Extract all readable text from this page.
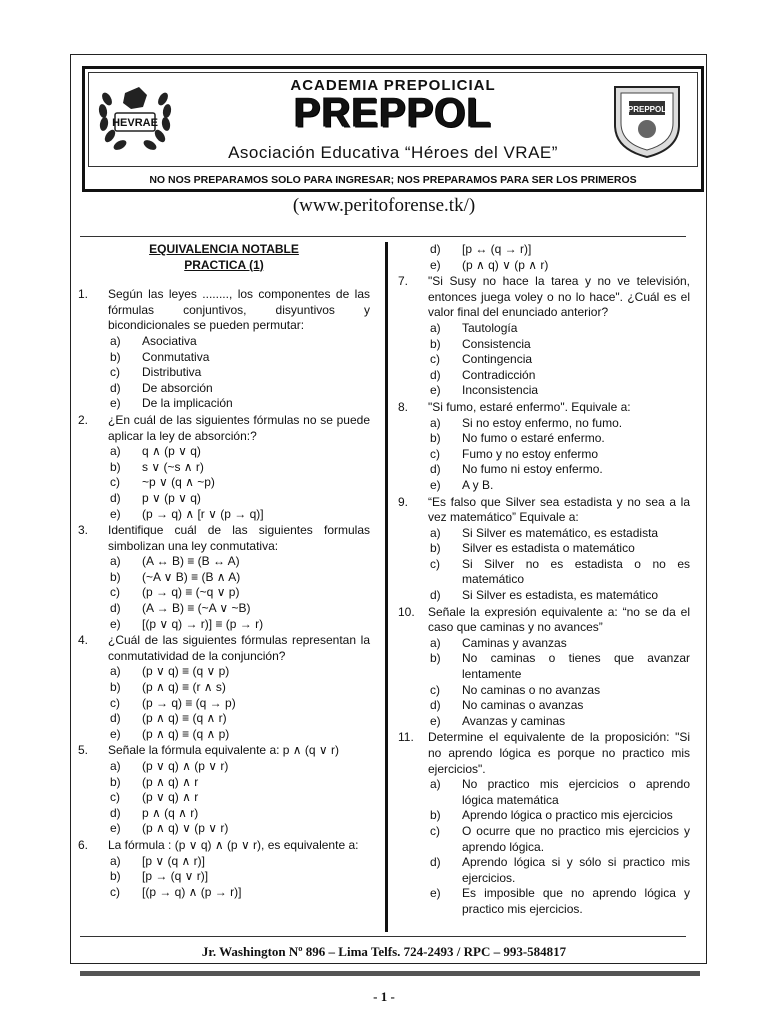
HEVRAE
ACADEMIA PREPOLICIAL
PREPPOL
Asociación Educativa “Héroes del VRAE”
PREPPOL
NO NOS PREPARAMOS SOLO PARA INGRESAR; NOS PREPARAMOS PARA SER LOS PRIMEROS
(www.peritoforense.tk/)
EQUIVALENCIA NOTABLE
PRACTICA (1)
1.	Según las leyes ........, los componentes de las fórmulas conjuntivos, disyuntivos y bicondicionales se pueden permutar:
a)	Asociativa
b)	Conmutativa
c)	Distributiva
d)	De absorción
e)	De la implicación
2.	¿En cuál de las siguientes fórmulas no se puede aplicar la ley de absorción:?
a)	q ∧ (p ∨ q)
b)	s ∨ (~s ∧ r)
c)	~p ∨ (q ∧ ~p)
d)	p ∨ (p ∨ q)
e)	(p → q) ∧ [r ∨ (p → q)]
3.	Identifique cuál de las siguientes formulas simbolizan una ley conmutativa:
a)	(A ↔ B) ≡ (B ↔ A)
b)	(~A ∨ B) ≡ (B ∧ A)
c)	(p → q) ≡ (~q ∨ p)
d)	(A → B) ≡ (~A ∨ ~B)
e)	[(p ∨ q) → r)] ≡ (p → r)
4.	¿Cuál de las siguientes fórmulas representan la conmutatividad de la conjunción?
a)	(p ∨ q) ≡ (q ∨ p)
b)	(p ∧ q) ≡ (r ∧ s)
c)	(p → q) ≡ (q → p)
d)	(p ∧ q) ≡ (q ∧ r)
e)	(p ∧ q) ≡ (q ∧ p)
5.	Señale la fórmula equivalente a: p ∧ (q ∨ r)
a)	(p ∨ q) ∧ (p ∨ r)
b)	(p ∧ q) ∧ r
c)	(p ∨ q) ∧ r
d)	p ∧ (q ∧ r)
e)	(p ∧ q) ∨ (p ∨ r)
6.	La fórmula : (p ∨ q) ∧ (p ∨ r), es equivalente a:
a)	[p ∨ (q ∧ r)]
b)	[p → (q ∨ r)]
c)	[(p → q) ∧ (p → r)]
d)	[p ↔ (q → r)]
e)	(p ∧ q) ∨ (p ∧ r)
7.	"Si Susy no hace la tarea y no ve televisión, entonces juega voley o no lo hace". ¿Cuál es el valor final del enunciado anterior?
a)	Tautología
b)	Consistencia
c)	Contingencia
d)	Contradicción
e)	Inconsistencia
8.	"Si fumo, estaré enfermo". Equivale a:
a)	Si no estoy enfermo, no fumo.
b)	No fumo o estaré enfermo.
c)	Fumo y no estoy enfermo
d)	No fumo ni estoy enfermo.
e)	A y B.
9.	“Es falso que Silver sea estadista y no sea a la vez matemático” Equivale a:
a)	Si Silver es matemático, es estadista
b)	Silver es estadista o matemático
c)	Si Silver no es estadista o no es matemático
d)	Si Silver es estadista, es matemático
10.	Señale la expresión equivalente a: “no se da el caso que caminas y no avances”
a)	Caminas y avanzas
b)	No caminas o tienes que avanzar lentamente
c)	No caminas o no avanzas
d)	No caminas o avanzas
e)	Avanzas y caminas
11.	Determine el equivalente de la proposición: "Si no aprendo lógica es porque no practico mis ejercicios".
a)	No practico mis ejercicios o aprendo lógica matemática
b)	Aprendo lógica o practico mis ejercicios
c)	O ocurre que no practico mis ejercicios y aprendo lógica.
d)	Aprendo lógica si y sólo si practico mis ejercicios.
e)	Es imposible que no aprendo lógica y practico mis ejercicios.
Jr. Washington Nº 896 – Lima Telfs. 724-2493 / RPC – 993-584817
- 1 -
